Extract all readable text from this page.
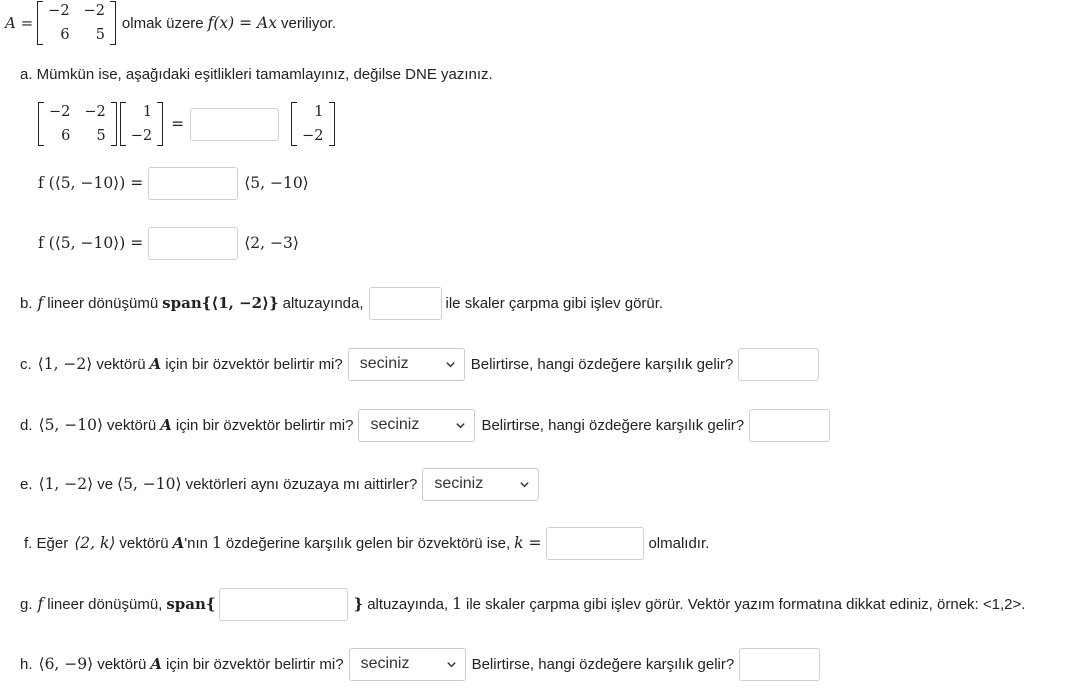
A =
−2 −2
6	5
olmak üzere f(x) = Ax veriliyor.
a. Mümkün ise, aşağıdaki eşitlikleri tamamlayınız, değilse DNE yazınız.
−2 −2
6	5
1
−2
=
1
−2
f (⟨5, −10⟩) =	⟨5, −10⟩
f (⟨5, −10⟩) =	⟨2, −3⟩
b. f lineer dönüşümü span{⟨1, −2⟩} altuzayında,	ile skaler çarpma gibi işlev görür.
c. ⟨1, −2⟩ vektörü A için bir özvektör belirtir mi? seciniz	Belirtirse, hangi özdeğere karşılık gelir?
d. ⟨5, −10⟩ vektörü A için bir özvektör belirtir mi? seciniz	Belirtirse, hangi özdeğere karşılık gelir?
e. ⟨1, −2⟩ ve ⟨5, −10⟩ vektörleri aynı özuzaya mı aittirler? seciniz
f. Eğer ⟨2, k⟩ vektörü A 'nın 1 özdeğerine karşılık gelen bir özvektörü ise, k =	olmalıdır.
g. f lineer dönüşümü, span{	} altuzayında, 1 ile skaler çarpma gibi işlev görür. Vektör yazım formatına dikkat ediniz, örnek: <1,2>.
h. ⟨6, −9⟩ vektörü A için bir özvektör belirtir mi? seciniz	Belirtirse, hangi özdeğere karşılık gelir?
